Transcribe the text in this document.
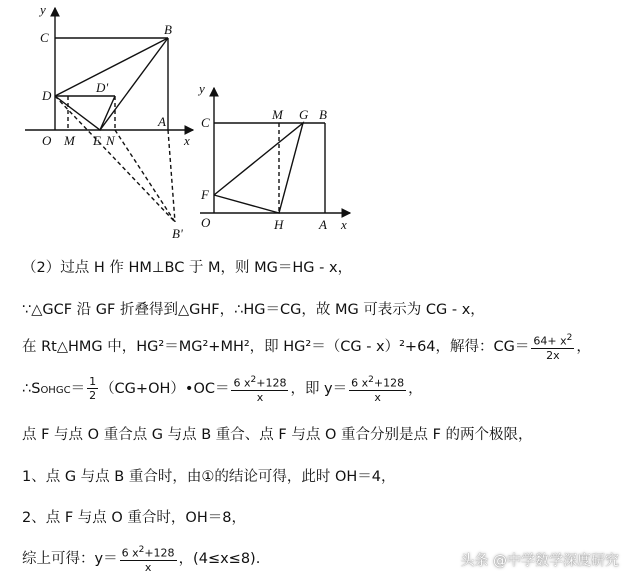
y
C
B
D'
D
A
O M E N	x
B'
y
C
M G B
F
O	H	A x
（2）过点 H 作 HM⊥BC 于 M，则 MG＝HG - x，
∵△GCF 沿 GF 折叠得到△GHF，∴HG＝CG，故 MG 可表示为 CG - x，
在 Rt△HMG 中，HG²＝MG²+MH²，即 HG²＝（CG - x）²+64，解得：$CG= \frac{64+ x^2}{2x}$ ，
∴SOHGC＝ $\frac{1}{2}$ （CG+OH）•OC＝ $\frac{6 x^2+128}{x}$ ，即 $y= \frac{6 x^2+128}{x}$ ，
点 F 与点 O 重合点 G 与点 B 重合、点 F 与点 O 重合分别是点 F 的两个极限，
1、点 G 与点 B 重合时，由①的结论可得，此时 OH＝4，
2、点 F 与点 O 重合时，OH＝8，
综上可得：$y= \frac{6 x^2+128}{x}$ ，(4≤x≤8).	头条 @中学数学深度研究
